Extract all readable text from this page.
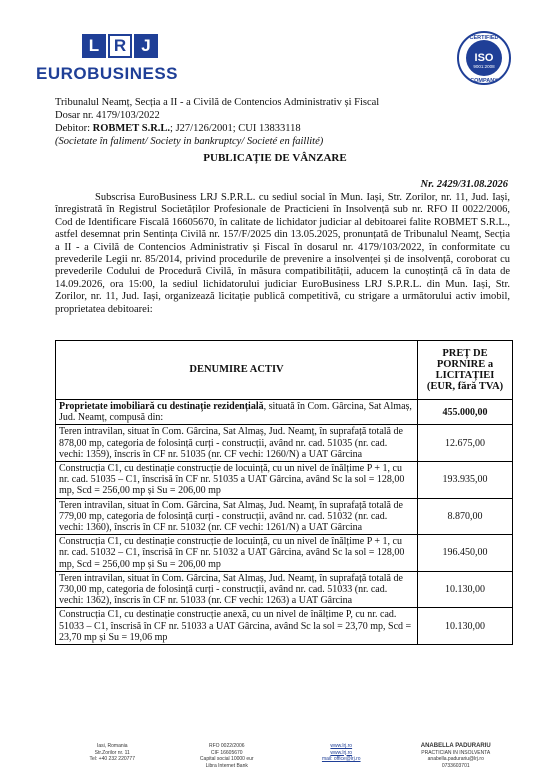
L R J
EUROBUSINESS
ISO
9001:2008
CERTIFIED
COMPANY
Tribunalul Neamț, Secția a II - a Civilă de Contencios Administrativ și Fiscal
Dosar nr. 4179/103/2022
Debitor: ROBMET S.R.L.; J27/126/2001; CUI 13833118
(Societate în faliment/ Society in bankruptcy/ Societé en faillité)
PUBLICAȚIE DE VÂNZARE
Nr. 2429/31.08.2026
Subscrisa EuroBusiness LRJ S.P.R.L. cu sediul social în Mun. Iași, Str. Zorilor, nr. 11, Jud. Iași, înregistrată în Registrul Societăților Profesionale de Practicieni în Insolvență sub nr. RFO II 0022/2006, Cod de Identificare Fiscală 16605670, în calitate de lichidator judiciar al debitoarei falite ROBMET S.R.L., astfel desemnat prin Sentința Civilă nr. 157/F/2025 din 13.05.2025, pronunțată de Tribunalul Neamț, Secția a II - a Civilă de Contencios Administrativ și Fiscal în dosarul nr. 4179/103/2022, în conformitate cu prevederile Legii nr. 85/2014, privind procedurile de prevenire a insolvenței și de insolvență, coroborat cu prevederile Codului de Procedură Civilă, în măsura compatibilității, aducem la cunoștință că în data de 14.09.2026, ora 15:00, la sediul lichidatorului judiciar EuroBusiness LRJ S.P.R.L. din Mun. Iași, Str. Zorilor, nr. 11, Jud. Iași, organizează licitație publică competitivă, cu strigare a următorului activ imobil, proprietatea debitoarei:
DENUMIRE ACTIV	PREȚ DE PORNIRE a LICITAȚIEI (EUR, fără TVA)
Proprietate imobiliară cu destinație rezidențială, situată în Com. Gârcina, Sat Almaș, Jud. Neamț, compusă din:	455.000,00
Teren intravilan, situat în Com. Gârcina, Sat Almaș, Jud. Neamț, în suprafață totală de 878,00 mp, categoria de folosință curți - construcții, având nr. cad. 51035 (nr. cad. vechi: 1359), înscris în CF nr. 51035 (nr. CF vechi: 1260/N) a UAT Gârcina	12.675,00
Construcția C1, cu destinație construcție de locuință, cu un nivel de înălțime P + 1, cu nr. cad. 51035 – C1, înscrisă în CF nr. 51035 a UAT Gârcina, având Sc la sol = 128,00 mp, Scd = 256,00 mp și Su = 206,00 mp	193.935,00
Teren intravilan, situat în Com. Gârcina, Sat Almaș, Jud. Neamț, în suprafață totală de 779,00 mp, categoria de folosință curți - construcții, având nr. cad. 51032 (nr. cad. vechi: 1360), înscris în CF nr. 51032 (nr. CF vechi: 1261/N) a UAT Gârcina	8.870,00
Construcția C1, cu destinație construcție de locuință, cu un nivel de înălțime P + 1, cu nr. cad. 51032 – C1, înscrisă în CF nr. 51032 a UAT Gârcina, având Sc la sol = 128,00 mp, Scd = 256,00 mp și Su = 206,00 mp	196.450,00
Teren intravilan, situat în Com. Gârcina, Sat Almaș, Jud. Neamț, în suprafață totală de 730,00 mp, categoria de folosință curți - construcții, având nr. cad. 51033 (nr. cad. vechi: 1362), înscris în CF nr. 51033 (nr. CF vechi: 1263) a UAT Gârcina	10.130,00
Construcția C1, cu destinație construcție anexă, cu un nivel de înălțime P, cu nr. cad. 51033 – C1, înscrisă în CF nr. 51033 a UAT Gârcina, având Sc la sol = 23,70 mp, Scd = 23,70 mp și Su = 19,06 mp	10.130,00
Iasi, Romania
Str.Zorilor nr. 11
Tel: +40 232 220777
RFO 0022/2006
CIF 16605670
Capital social 10000 eur
Libra Internet Bank
www.lrj.ro
www.lrj.ro
mail: office@lrj.ro
ANABELLA PADURARIU
PRACTICIAN IN INSOLVENTA
anabella.padurariu@lrj.ro
0733603701
